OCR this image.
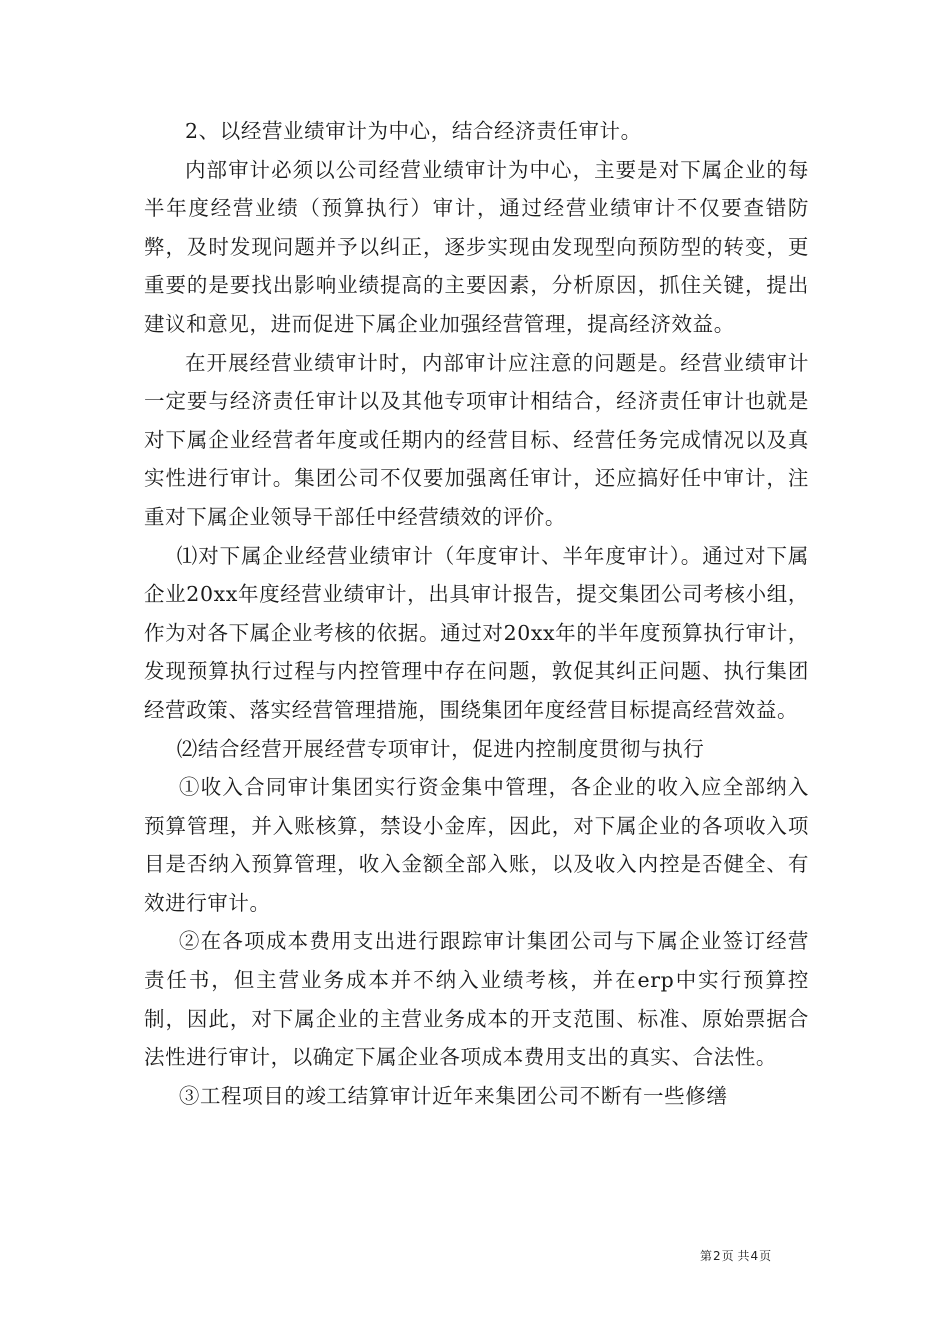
2、以经营业绩审计为中心，结合经济责任审计。

内部审计必须以公司经营业绩审计为中心，主要是对下属企业的每半年度经营业绩（预算执行）审计，通过经营业绩审计不仅要查错防弊，及时发现问题并予以纠正，逐步实现由发现型向预防型的转变，更重要的是要找出影响业绩提高的主要因素，分析原因，抓住关键，提出建议和意见，进而促进下属企业加强经营管理，提高经济效益。

在开展经营业绩审计时，内部审计应注意的问题是。经营业绩审计一定要与经济责任审计以及其他专项审计相结合，经济责任审计也就是对下属企业经营者年度或任期内的经营目标、经营任务完成情况以及真实性进行审计。集团公司不仅要加强离任审计，还应搞好任中审计，注重对下属企业领导干部任中经营绩效的评价。

⑴对下属企业经营业绩审计（年度审计、半年度审计）。通过对下属企业20xx年度经营业绩审计，出具审计报告，提交集团公司考核小组，作为对各下属企业考核的依据。通过对20xx年的半年度预算执行审计，发现预算执行过程与内控管理中存在问题，敦促其纠正问题、执行集团经营政策、落实经营管理措施，围绕集团年度经营目标提高经营效益。

⑵结合经营开展经营专项审计，促进内控制度贯彻与执行

①收入合同审计集团实行资金集中管理，各企业的收入应全部纳入预算管理，并入账核算，禁设小金库，因此，对下属企业的各项收入项目是否纳入预算管理，收入金额全部入账，以及收入内控是否健全、有效进行审计。

②在各项成本费用支出进行跟踪审计集团公司与下属企业签订经营责任书，但主营业务成本并不纳入业绩考核，并在erp中实行预算控制，因此，对下属企业的主营业务成本的开支范围、标准、原始票据合法性进行审计，以确定下属企业各项成本费用支出的真实、合法性。

③工程项目的竣工结算审计近年来集团公司不断有一些修缮

第2页 共4页
